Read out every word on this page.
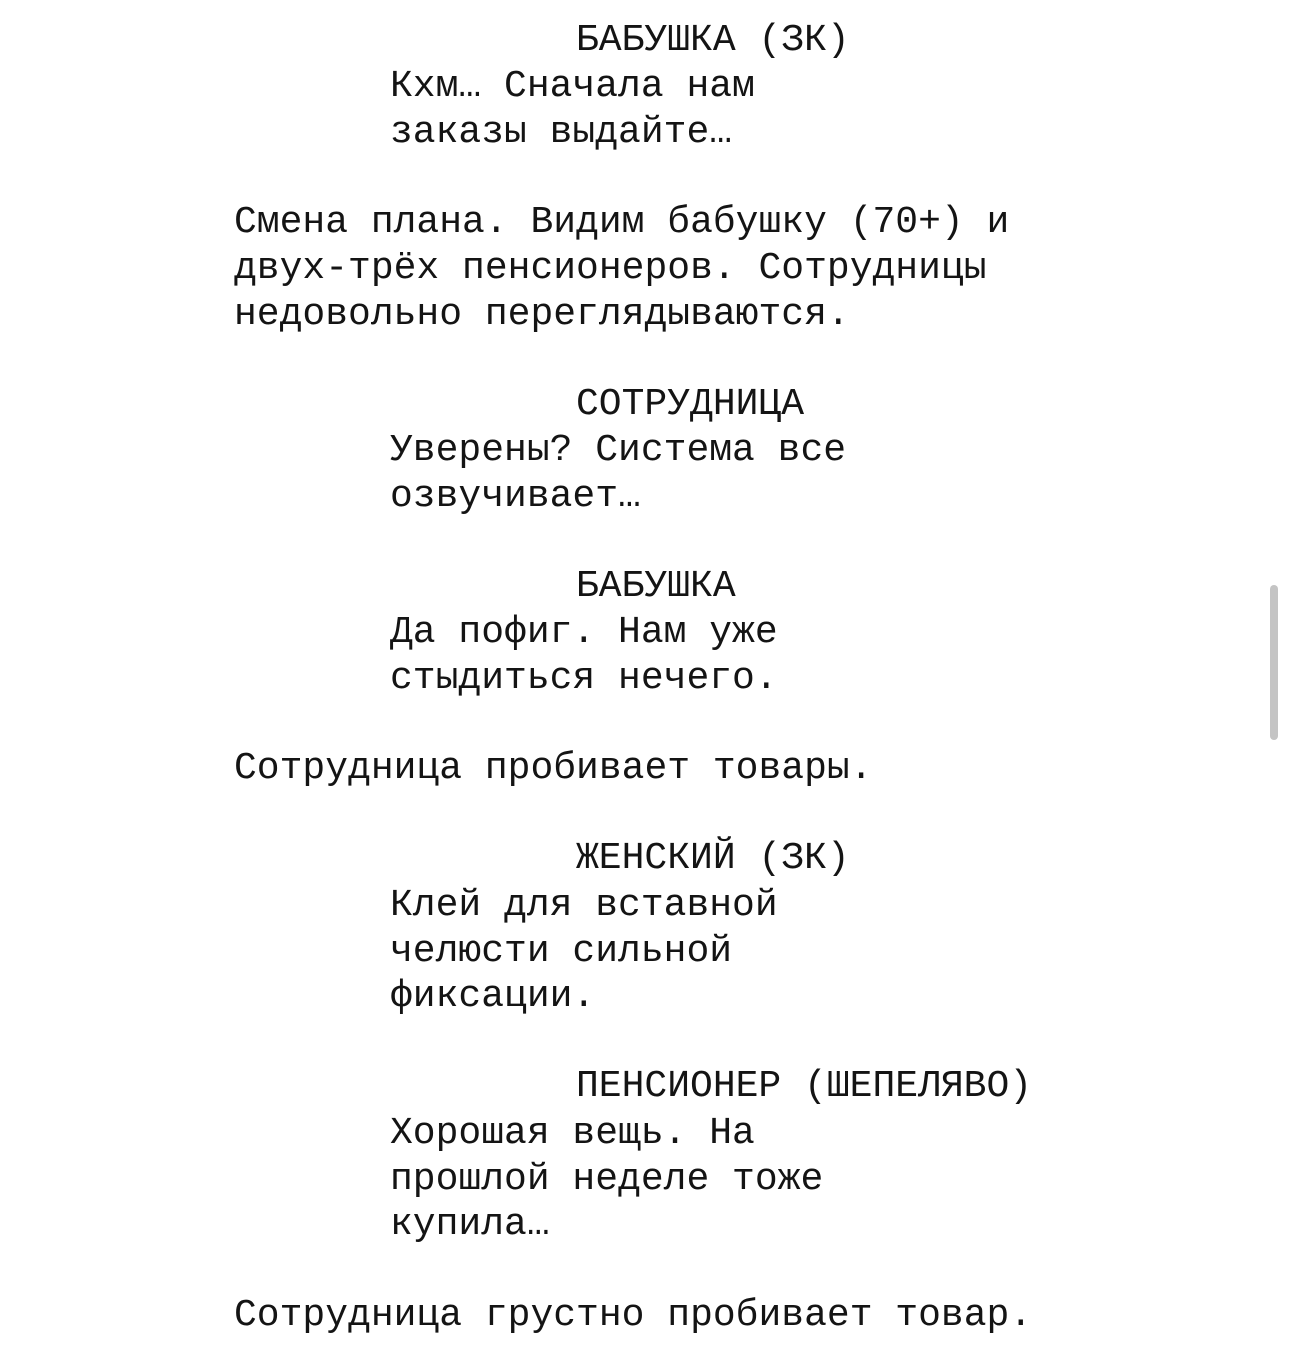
БАБУШКА (ЗК)
Кхм… Сначала нам
заказы выдайте…
Смена плана. Видим бабушку (70+) и
двух-трёх пенсионеров. Сотрудницы
недовольно переглядываются.
СОТРУДНИЦА
Уверены? Система все
озвучивает…
БАБУШКА
Да пофиг. Нам уже
стыдиться нечего.
Сотрудница пробивает товары.
ЖЕНСКИЙ (ЗК)
Клей для вставной
челюсти сильной
фиксации.
ПЕНСИОНЕР (ШЕПЕЛЯВО)
Хорошая вещь. На
прошлой неделе тоже
купила…
Сотрудница грустно пробивает товар.
